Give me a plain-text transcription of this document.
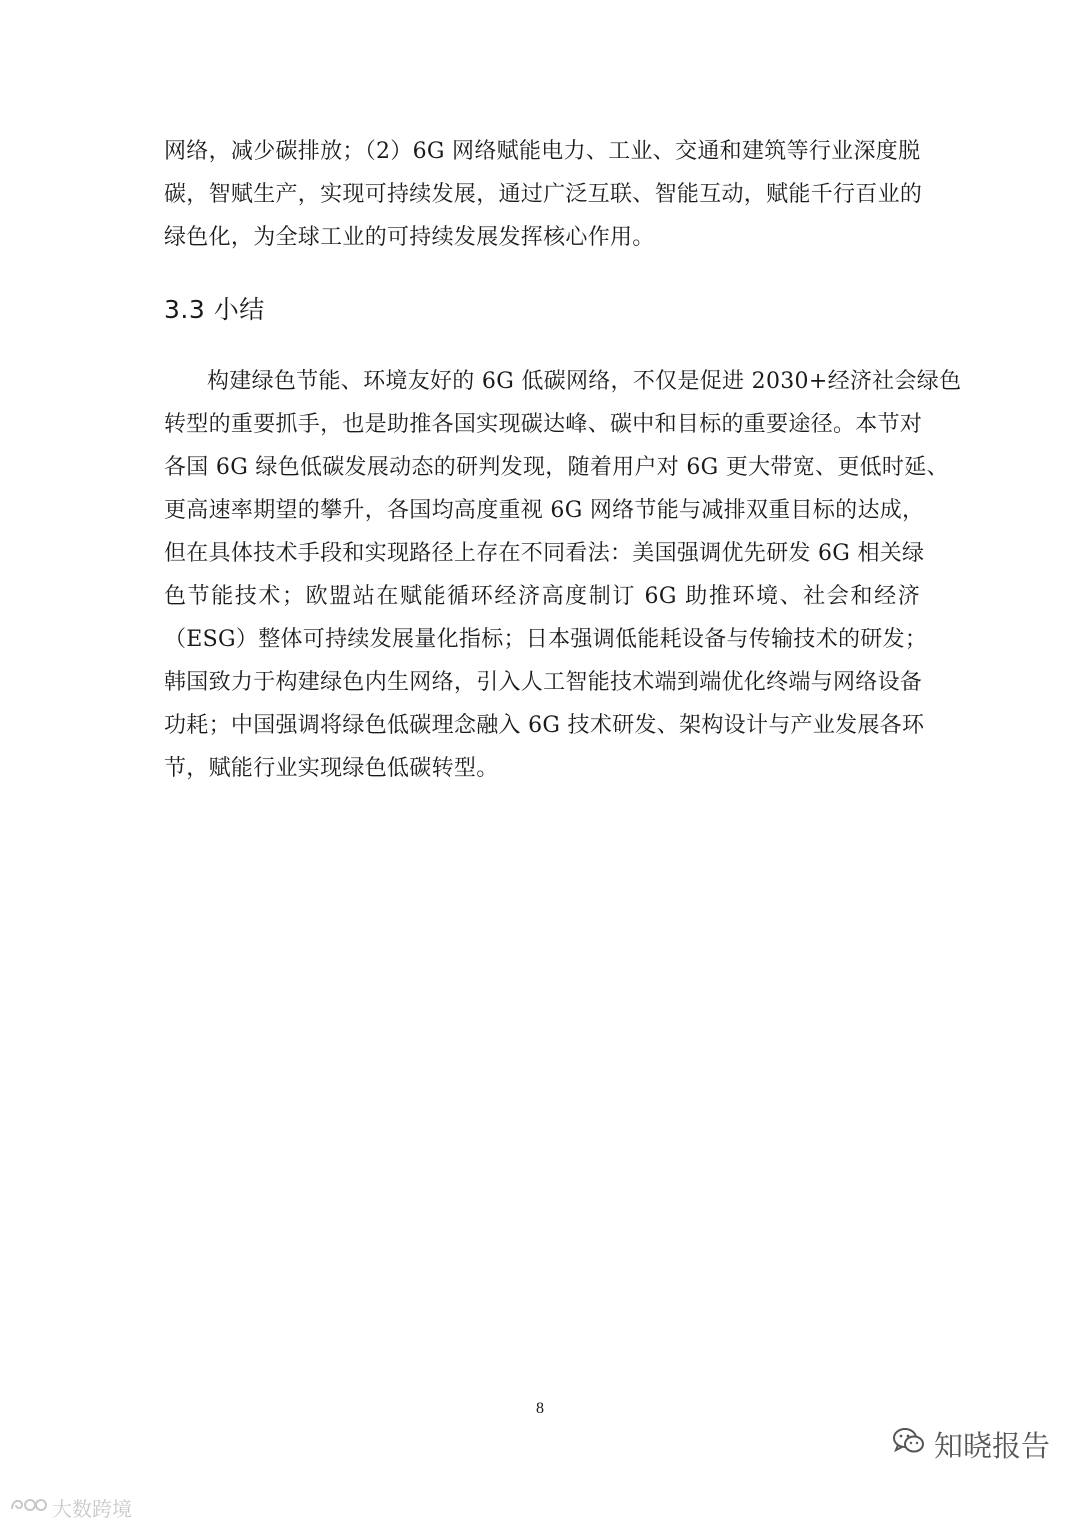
网络，减少碳排放；（2）6G 网络赋能电力、工业、交通和建筑等行业深度脱
碳，智赋生产，实现可持续发展，通过广泛互联、智能互动，赋能千行百业的
绿色化，为全球工业的可持续发展发挥核心作用。
3.3 小结
构建绿色节能、环境友好的 6G 低碳网络，不仅是促进 2030+经济社会绿色
转型的重要抓手，也是助推各国实现碳达峰、碳中和目标的重要途径。本节对
各国 6G 绿色低碳发展动态的研判发现，随着用户对 6G 更大带宽、更低时延、
更高速率期望的攀升，各国均高度重视 6G 网络节能与减排双重目标的达成，
但在具体技术手段和实现路径上存在不同看法：美国强调优先研发 6G 相关绿
色节能技术；欧盟站在赋能循环经济高度制订 6G 助推环境、社会和经济
（ESG）整体可持续发展量化指标；日本强调低能耗设备与传输技术的研发；
韩国致力于构建绿色内生网络，引入人工智能技术端到端优化终端与网络设备
功耗；中国强调将绿色低碳理念融入 6G 技术研发、架构设计与产业发展各环
节，赋能行业实现绿色低碳转型。
8
知晓报告
大数跨境
